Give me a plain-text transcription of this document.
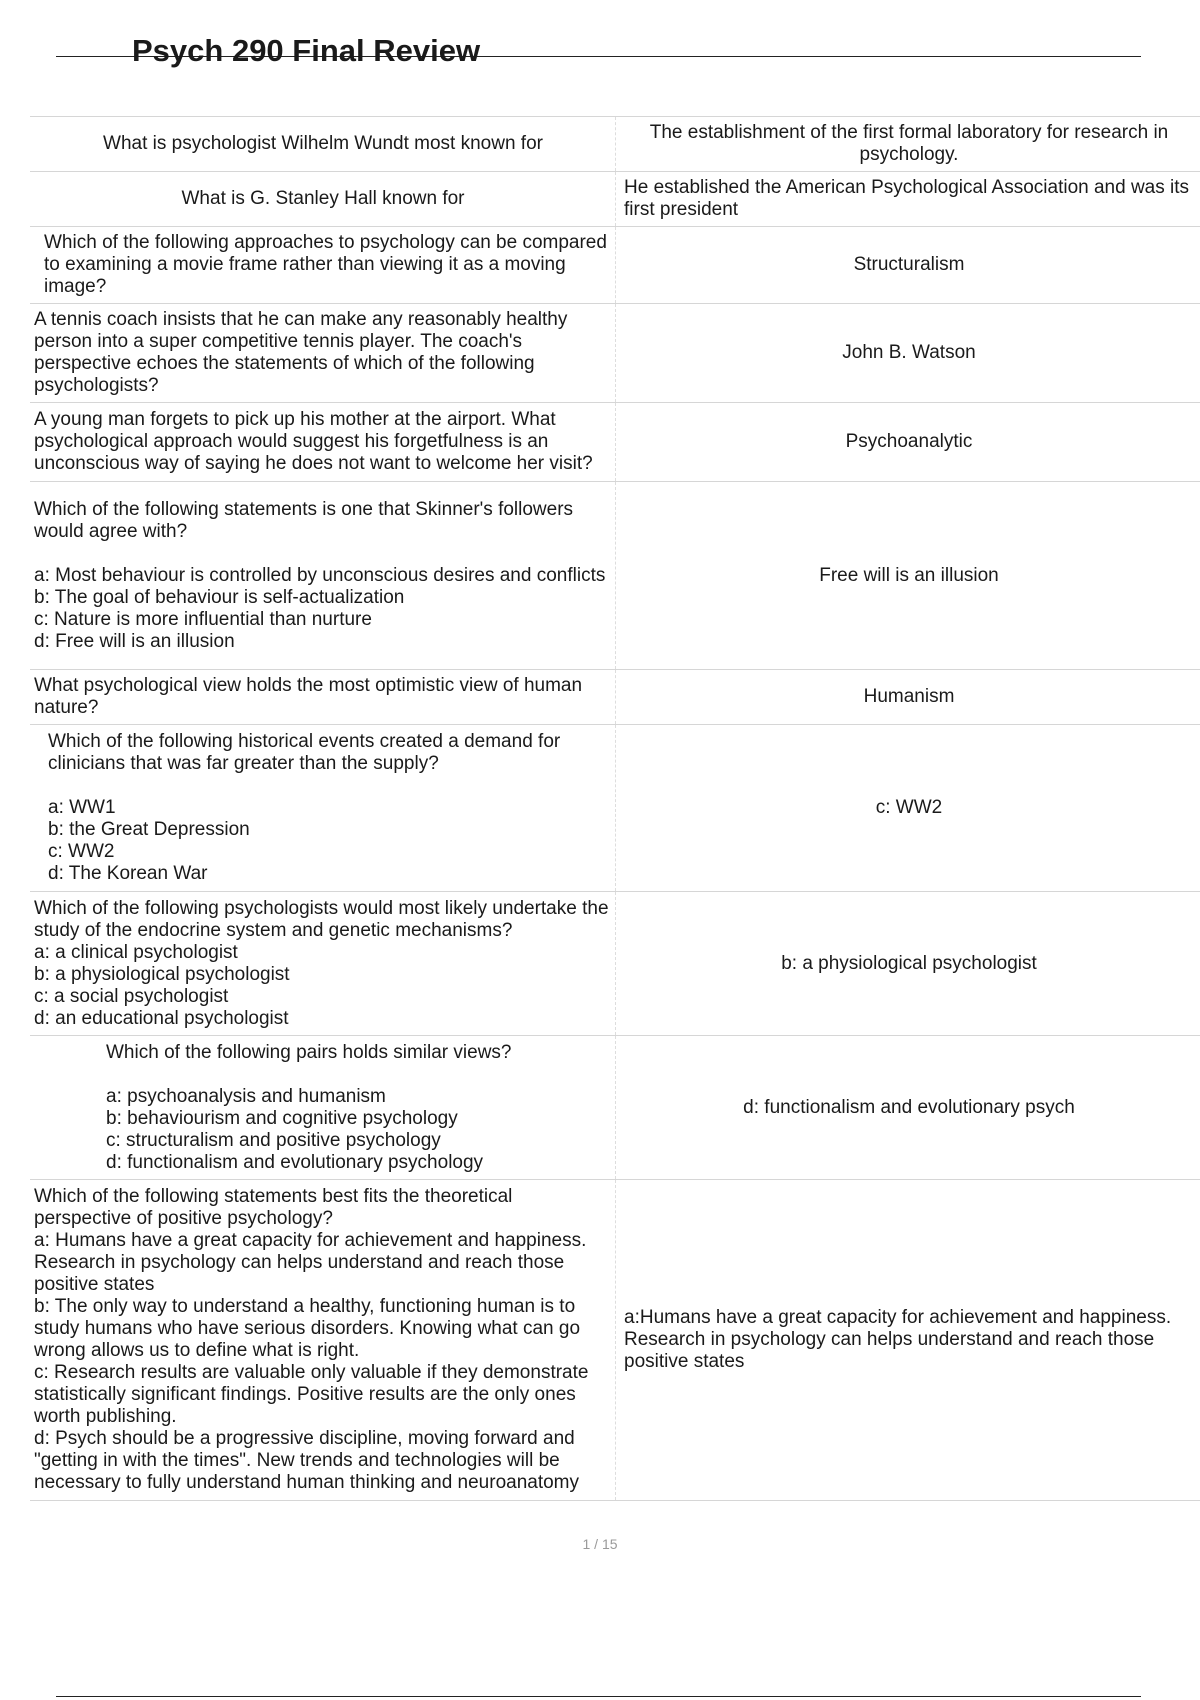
Psych 290 Final Review
What is psychologist Wilhelm Wundt most known for
The establishment of the first formal laboratory for research in psychology.
What is G. Stanley Hall known for
He established the American Psychological Association and was its first president
Which of the following approaches to psychology can be compared to examining a movie frame rather than viewing it as a moving image?
Structuralism
A tennis coach insists that he can make any reasonably healthy person into a super competitive tennis player. The coach's perspective echoes the statements of which of the following psychologists?
John B. Watson
A young man forgets to pick up his mother at the airport. What psychological approach would suggest his forgetfulness is an unconscious way of saying he does not want to welcome her visit?
Psychoanalytic
Which of the following statements is one that Skinner's followers would agree with?

a: Most behaviour is controlled by unconscious desires and conflicts
b: The goal of behaviour is self-actualization
c: Nature is more influential than nurture
d: Free will is an illusion
Free will is an illusion
What psychological view holds the most optimistic view of human nature?
Humanism
Which of the following historical events created a demand for clinicians that was far greater than the supply?

a: WW1
b: the Great Depression
c: WW2
d: The Korean War
c: WW2
Which of the following psychologists would most likely undertake the study of the endocrine system and genetic mechanisms?
a: a clinical psychologist
b: a physiological psychologist
c: a social psychologist
d: an educational psychologist
b: a physiological psychologist
Which of the following pairs holds similar views?

a: psychoanalysis and humanism
b: behaviourism and cognitive psychology
c: structuralism and positive psychology
d: functionalism and evolutionary psychology
d: functionalism and evolutionary psych
Which of the following statements best fits the theoretical perspective of positive psychology?
a: Humans have a great capacity for achievement and happiness. Research in psychology can helps understand and reach those positive states
b: The only way to understand a healthy, functioning human is to study humans who have serious disorders. Knowing what can go wrong allows us to define what is right.
c: Research results are valuable only valuable if they demonstrate statistically significant findings. Positive results are the only ones worth publishing.
d: Psych should be a progressive discipline, moving forward and "getting in with the times". New trends and technologies will be necessary to fully understand human thinking and neuroanatomy
a:Humans have a great capacity for achievement and happiness. Research in psychology can helps understand and reach those positive states
1 / 15
